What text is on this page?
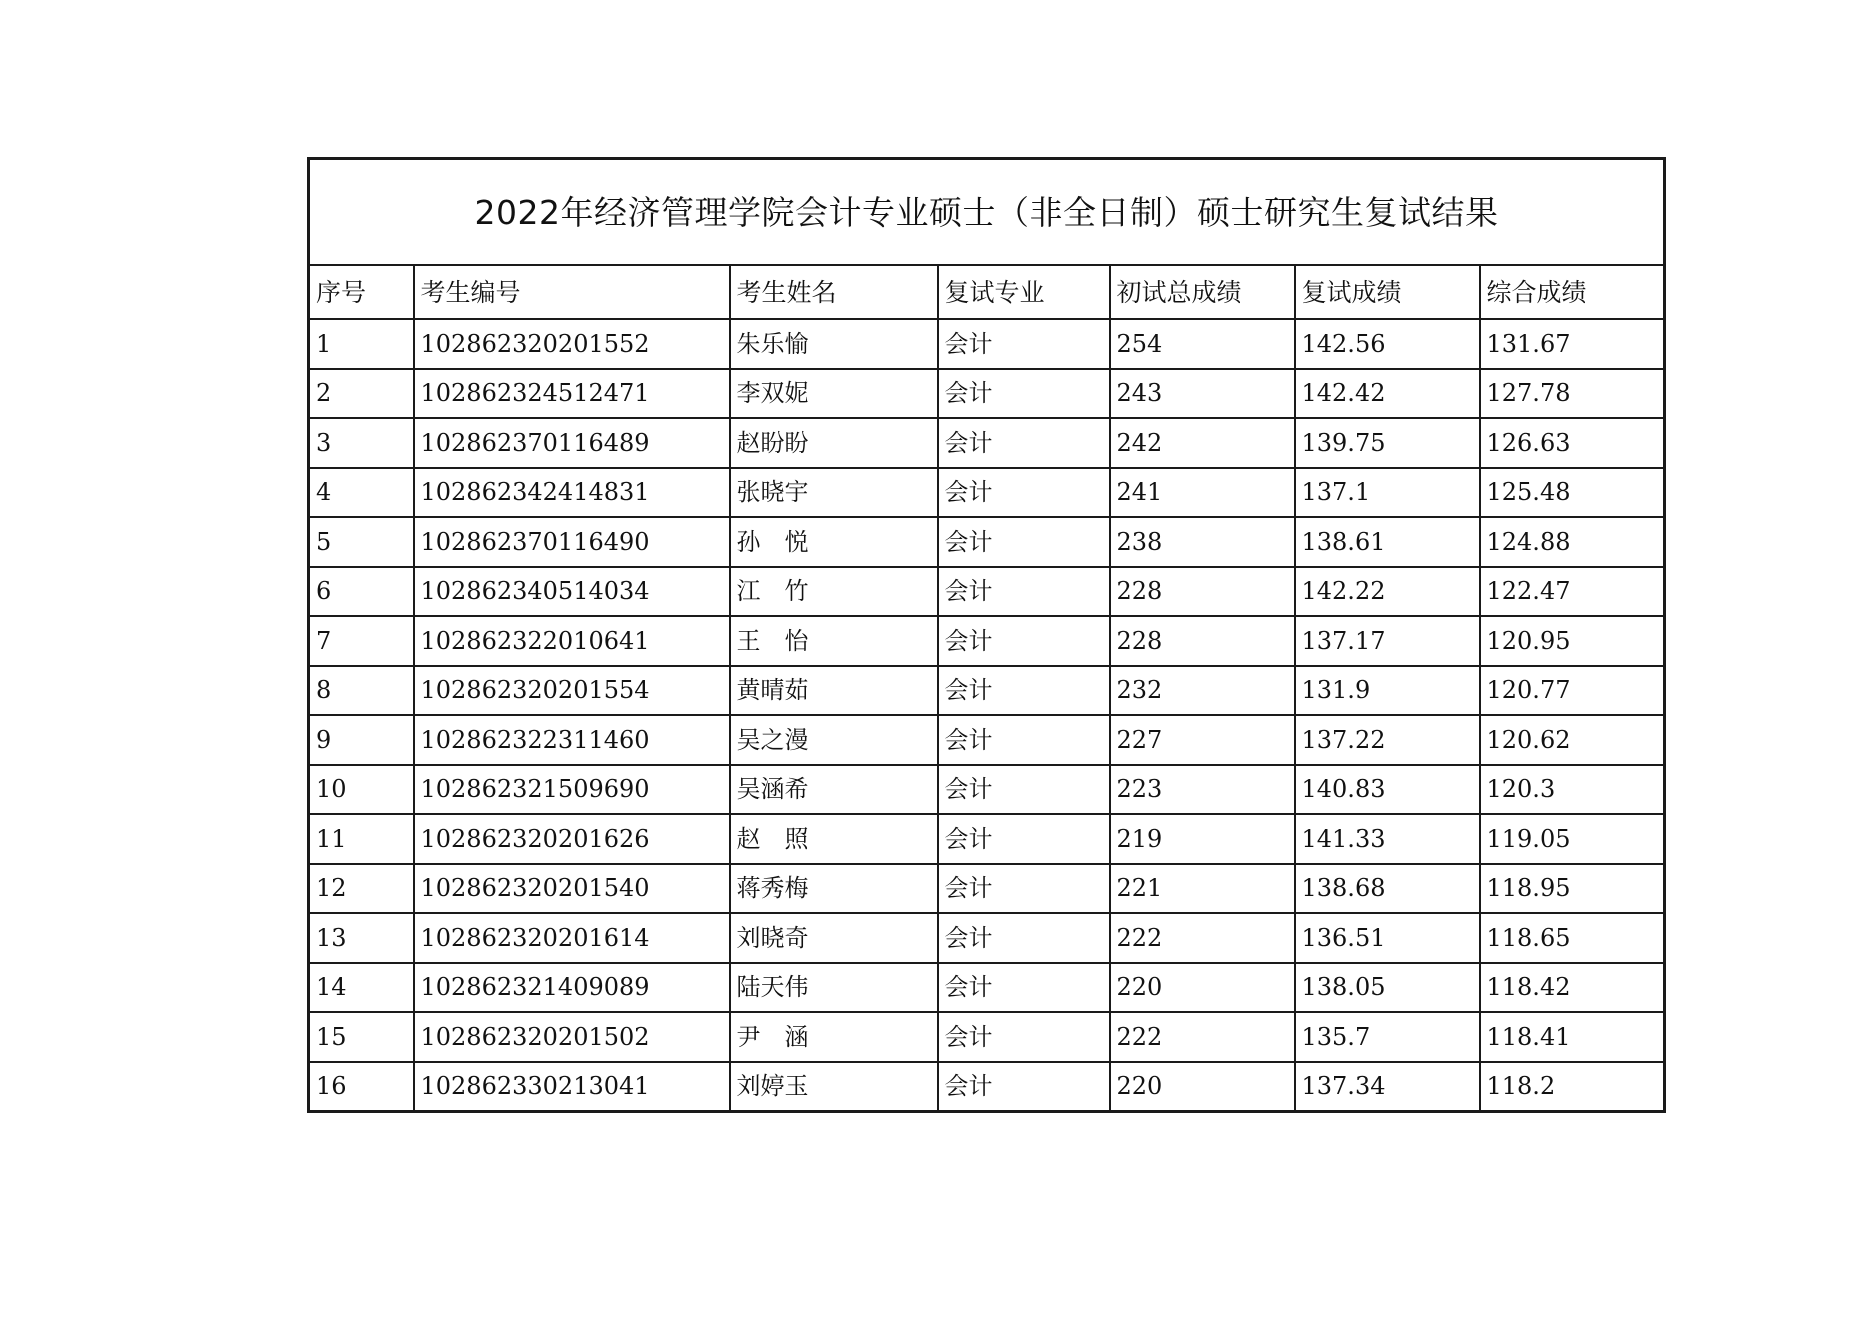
2022年经济管理学院会计专业硕士（非全日制）硕士研究生复试结果						
序号	考生编号	考生姓名	复试专业	初试总成绩	复试成绩	综合成绩
1	102862320201552	朱乐愉	会计	254	142.56	131.67
2	102862324512471	李双妮	会计	243	142.42	127.78
3	102862370116489	赵盼盼	会计	242	139.75	126.63
4	102862342414831	张晓宇	会计	241	137.1	125.48
5	102862370116490	孙　悦	会计	238	138.61	124.88
6	102862340514034	江　竹	会计	228	142.22	122.47
7	102862322010641	王　怡	会计	228	137.17	120.95
8	102862320201554	黄晴茹	会计	232	131.9	120.77
9	102862322311460	吴之漫	会计	227	137.22	120.62
10	102862321509690	吴涵希	会计	223	140.83	120.3
11	102862320201626	赵　照	会计	219	141.33	119.05
12	102862320201540	蒋秀梅	会计	221	138.68	118.95
13	102862320201614	刘晓奇	会计	222	136.51	118.65
14	102862321409089	陆天伟	会计	220	138.05	118.42
15	102862320201502	尹　涵	会计	222	135.7	118.41
16	102862330213041	刘婷玉	会计	220	137.34	118.2
